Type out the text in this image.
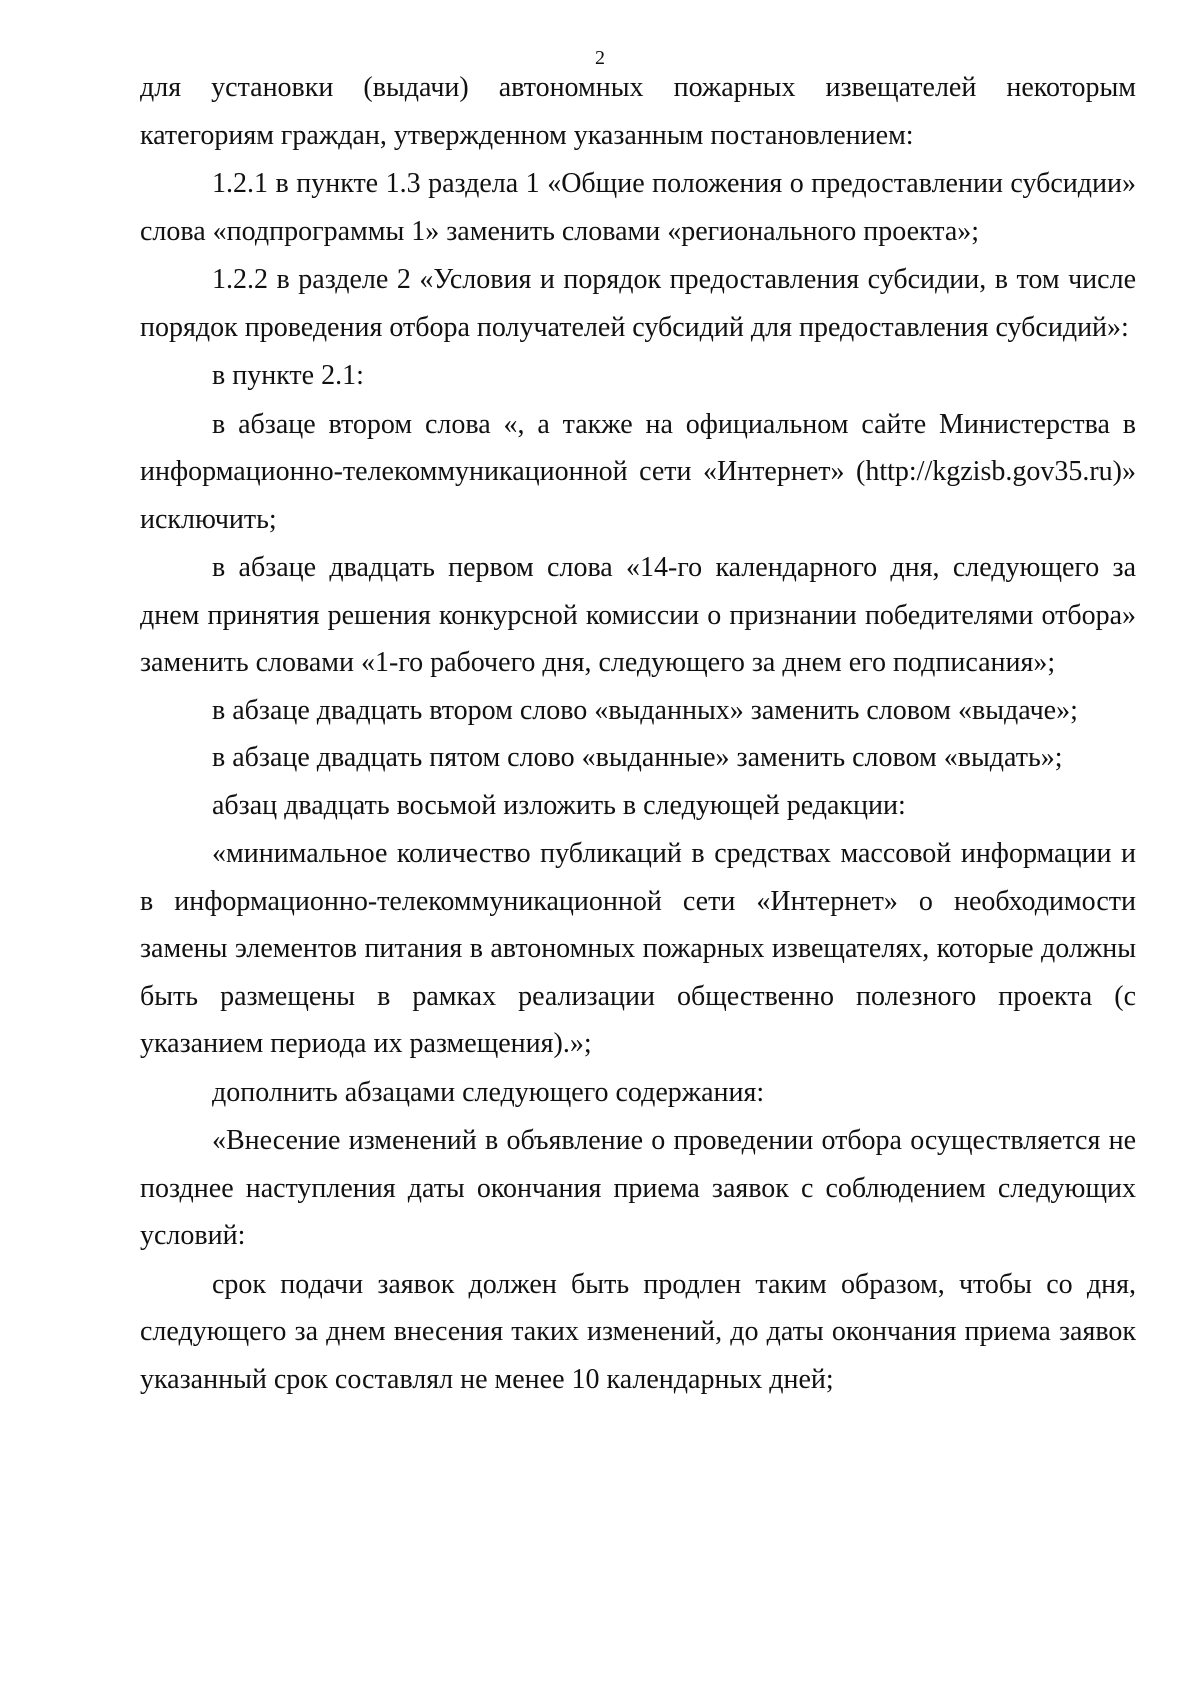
2

для установки (выдачи) автономных пожарных извещателей некоторым категориям граждан, утвержденном указанным постановлением:

1.2.1 в пункте 1.3 раздела 1 «Общие положения о предоставлении субсидии» слова «подпрограммы 1» заменить словами «регионального проекта»;

1.2.2 в разделе 2 «Условия и порядок предоставления субсидии, в том числе порядок проведения отбора получателей субсидий для предоставления субсидий»:

в пункте 2.1:

в абзаце втором слова «, а также на официальном сайте Министерства в информационно-телекоммуникационной сети «Интернет» (http://kgzisb.gov35.ru)» исключить;

в абзаце двадцать первом слова «14-го календарного дня, следующего за днем принятия решения конкурсной комиссии о признании победителями отбора» заменить словами «1-го рабочего дня, следующего за днем его подписания»;

в абзаце двадцать втором слово «выданных» заменить словом «выдаче»;

в абзаце двадцать пятом слово «выданные» заменить словом «выдать»;

абзац двадцать восьмой изложить в следующей редакции:

«минимальное количество публикаций в средствах массовой информации и в информационно-телекоммуникационной сети «Интернет» о необходимости замены элементов питания в автономных пожарных извещателях, которые должны быть размещены в рамках реализации общественно полезного проекта (с указанием периода их размещения).»;

дополнить абзацами следующего содержания:

«Внесение изменений в объявление о проведении отбора осуществляется не позднее наступления даты окончания приема заявок с соблюдением следующих условий:

срок подачи заявок должен быть продлен таким образом, чтобы со дня, следующего за днем внесения таких изменений, до даты окончания приема заявок указанный срок составлял не менее 10 календарных дней;
